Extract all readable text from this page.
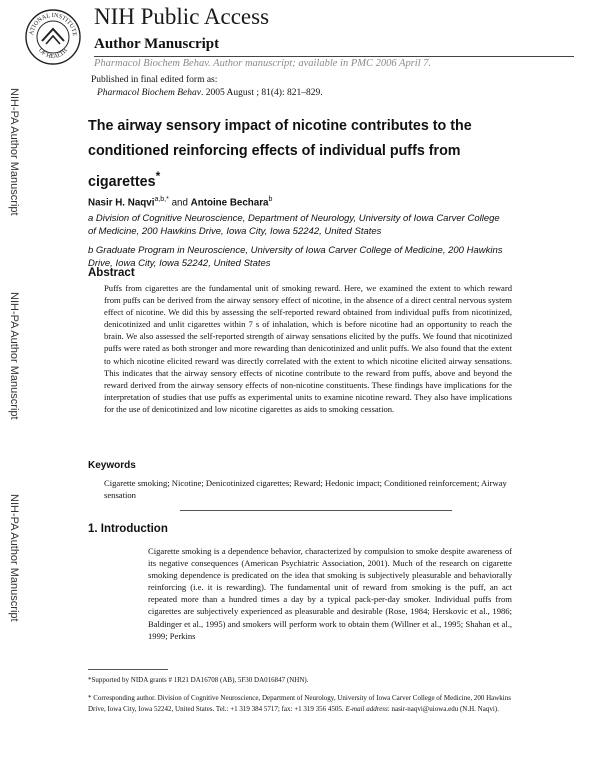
ATIONAL INSTITUTE
OF HEALTH
NIH Public Access
Author Manuscript
Pharmacol Biochem Behav. Author manuscript; available in PMC 2006 April 7.
NIH-PA Author Manuscript
NIH-PA Author Manuscript
NIH-PA Author Manuscript
Published in final edited form as:
Pharmacol Biochem Behav. 2005 August ; 81(4): 821–829.
The airway sensory impact of nicotine contributes to the conditioned reinforcing effects of individual puffs from cigarettes*
Nasir H. Naqvi$^{a,b,*}$ and Antoine Bechara$^b$
a Division of Cognitive Neuroscience, Department of Neurology, University of Iowa Carver College of Medicine, 200 Hawkins Drive, Iowa City, Iowa 52242, United States
b Graduate Program in Neuroscience, University of Iowa Carver College of Medicine, 200 Hawkins Drive, Iowa City, Iowa 52242, United States
Abstract
Puffs from cigarettes are the fundamental unit of smoking reward. Here, we examined the extent to which reward from puffs can be derived from the airway sensory effect of nicotine, in the absence of a direct central nervous system effect of nicotine. We did this by assessing the self-reported reward obtained from individual puffs from nicotinized, denicotinized and unlit cigarettes within 7 s of inhalation, which is before nicotine had an opportunity to reach the brain. We also assessed the self-reported strength of airway sensations elicited by the puffs. We found that nicotinized puffs were rated as both stronger and more rewarding than denicotinized and unlit puffs. We also found that the extent to which nicotine elicited reward was directly correlated with the extent to which nicotine elicited airway sensations. This indicates that the airway sensory effects of nicotine contribute to the reward from puffs, above and beyond the reward derived from the airway sensory effects of non-nicotine constituents. These findings have implications for the interpretation of studies that use puffs as experimental units to examine nicotine reward. They also have implications for the use of denicotinized and low nicotine cigarettes as aids to smoking cessation.
Keywords
Cigarette smoking; Nicotine; Denicotinized cigarettes; Reward; Hedonic impact; Conditioned reinforcement; Airway sensation
1. Introduction
Cigarette smoking is a dependence behavior, characterized by compulsion to smoke despite awareness of its negative consequences (American Psychiatric Association, 2001). Much of the research on cigarette smoking dependence is predicated on the idea that smoking is subjectively pleasurable and behaviorally reinforcing (i.e. it is rewarding). The fundamental unit of reward from smoking is the puff, an act repeated more than a hundred times a day by a typical pack-per-day smoker. Individual puffs from cigarettes are subjectively experienced as pleasurable and desirable (Rose, 1984; Herskovic et al., 1986; Baldinger et al., 1995) and smokers will perform work to obtain them (Willner et al., 1995; Shahan et al., 1999; Perkins
*Supported by NIDA grants # 1R21 DA16708 (AB), 5F30 DA016847 (NHN).
* Corresponding author. Division of Cognitive Neuroscience, Department of Neurology, University of Iowa Carver College of Medicine, 200 Hawkins Drive, Iowa City, Iowa 52242, United States. Tel.: +1 319 384 5717; fax: +1 319 356 4505. E-mail address: nasir-naqvi@uiowa.edu (N.H. Naqvi).
